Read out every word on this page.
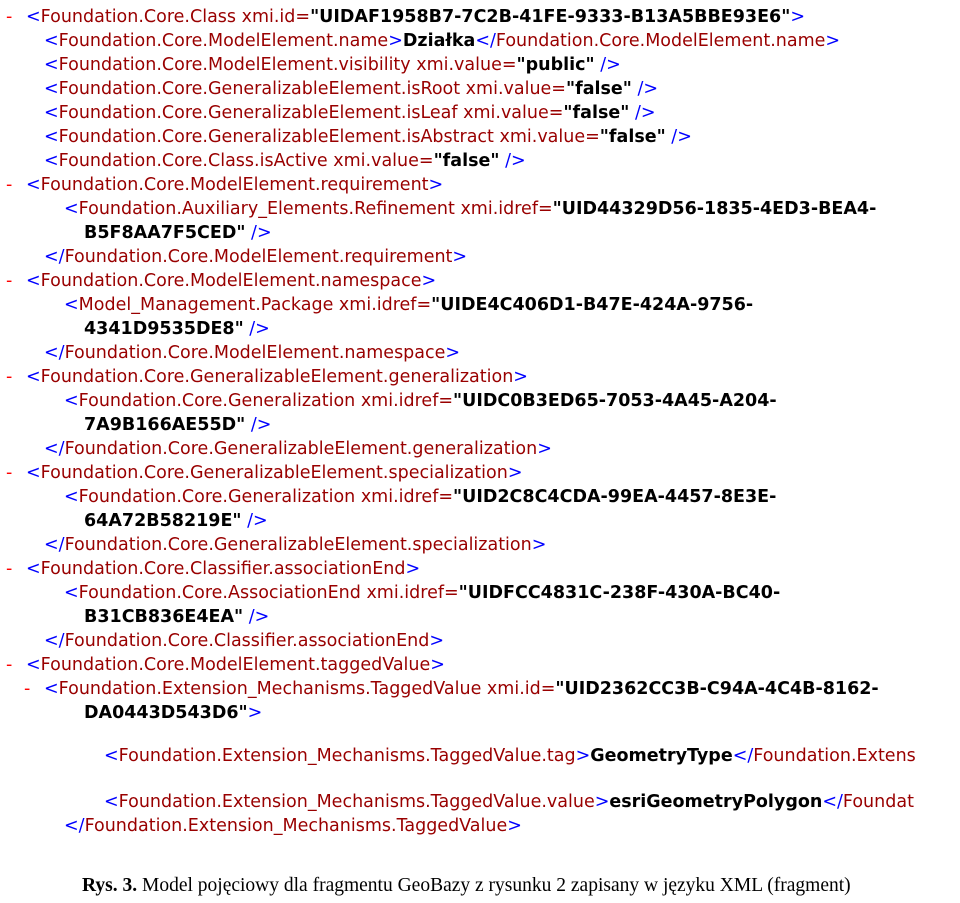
- <Foundation.Core.Class xmi.id="UIDAF1958B7-7C2B-41FE-9333-B13A5BBE93E6">
<Foundation.Core.ModelElement.name>Działka</Foundation.Core.ModelElement.name>
<Foundation.Core.ModelElement.visibility xmi.value="public" />
<Foundation.Core.GeneralizableElement.isRoot xmi.value="false" />
<Foundation.Core.GeneralizableElement.isLeaf xmi.value="false" />
<Foundation.Core.GeneralizableElement.isAbstract xmi.value="false" />
<Foundation.Core.Class.isActive xmi.value="false" />
- <Foundation.Core.ModelElement.requirement>
<Foundation.Auxiliary_Elements.Refinement xmi.idref="UID44329D56-1835-4ED3-BEA4-
B5F8AA7F5CED" />
</Foundation.Core.ModelElement.requirement>
- <Foundation.Core.ModelElement.namespace>
<Model_Management.Package xmi.idref="UIDE4C406D1-B47E-424A-9756-
4341D9535DE8" />
</Foundation.Core.ModelElement.namespace>
- <Foundation.Core.GeneralizableElement.generalization>
<Foundation.Core.Generalization xmi.idref="UIDC0B3ED65-7053-4A45-A204-
7A9B166AE55D" />
</Foundation.Core.GeneralizableElement.generalization>
- <Foundation.Core.GeneralizableElement.specialization>
<Foundation.Core.Generalization xmi.idref="UID2C8C4CDA-99EA-4457-8E3E-
64A72B58219E" />
</Foundation.Core.GeneralizableElement.specialization>
- <Foundation.Core.Classifier.associationEnd>
<Foundation.Core.AssociationEnd xmi.idref="UIDFCC4831C-238F-430A-BC40-
B31CB836E4EA" />
</Foundation.Core.Classifier.associationEnd>
- <Foundation.Core.ModelElement.taggedValue>
- <Foundation.Extension_Mechanisms.TaggedValue xmi.id="UID2362CC3B-C94A-4C4B-8162-
DA0443D543D6">
<Foundation.Extension_Mechanisms.TaggedValue.tag>GeometryType</Foundation.Extens
<Foundation.Extension_Mechanisms.TaggedValue.value>esriGeometryPolygon</Foundat
</Foundation.Extension_Mechanisms.TaggedValue>
Rys. 3. Model pojęciowy dla fragmentu GeoBazy z rysunku 2 zapisany w języku XML (fragment)
